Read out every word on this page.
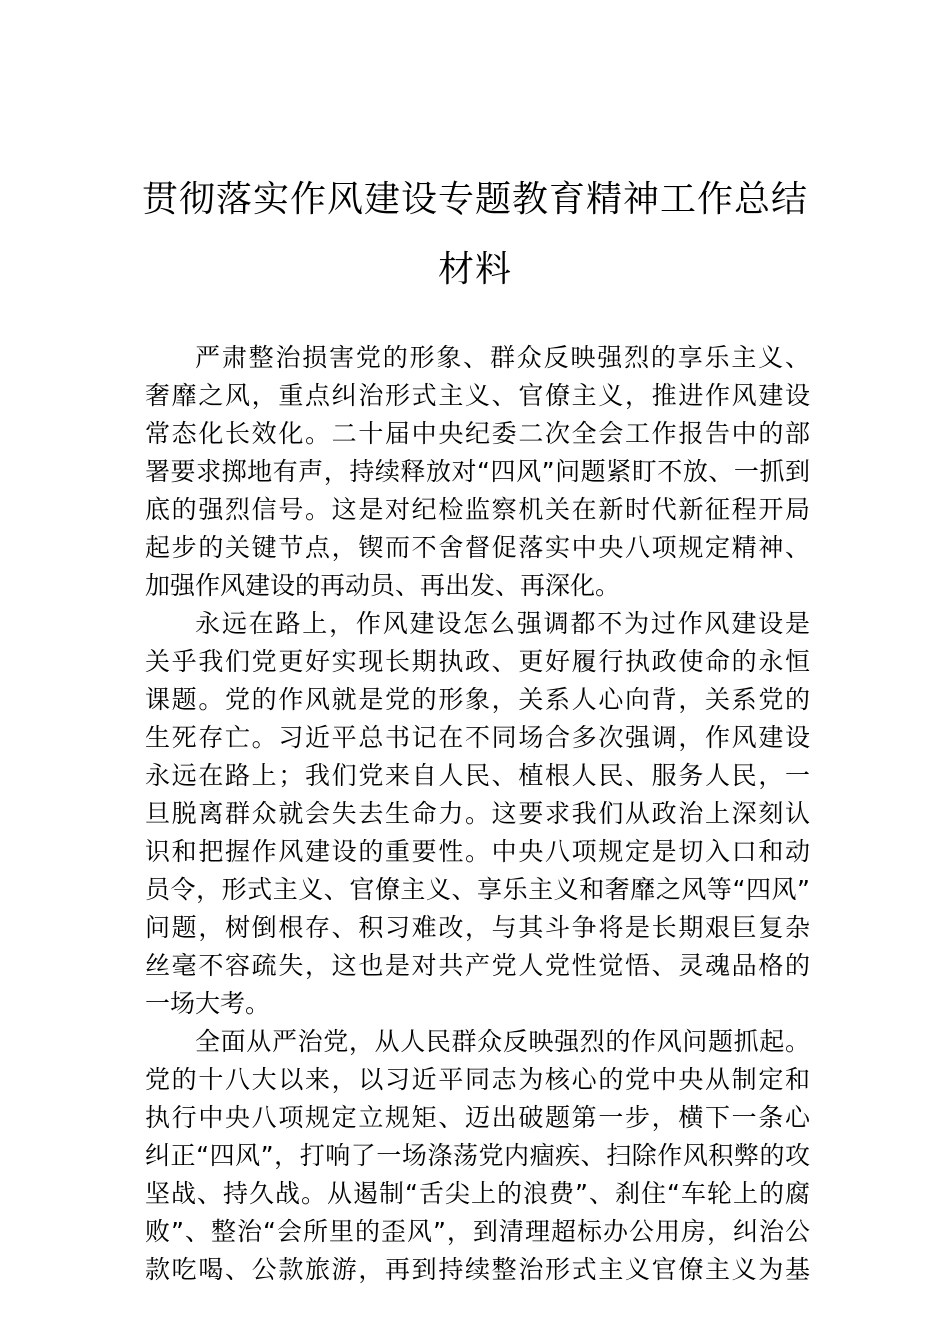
贯彻落实作风建设专题教育精神工作总结
材料
严肃整治损害党的形象、群众反映强烈的享乐主义、
奢靡之风，重点纠治形式主义、官僚主义，推进作风建设
常态化长效化。二十届中央纪委二次全会工作报告中的部
署要求掷地有声，持续释放对“四风”问题紧盯不放、一抓到
底的强烈信号。这是对纪检监察机关在新时代新征程开局
起步的关键节点，锲而不舍督促落实中央八项规定精神、
加强作风建设的再动员、再出发、再深化。
永远在路上，作风建设怎么强调都不为过作风建设是
关乎我们党更好实现长期执政、更好履行执政使命的永恒
课题。党的作风就是党的形象，关系人心向背，关系党的
生死存亡。习近平总书记在不同场合多次强调，作风建设
永远在路上；我们党来自人民、植根人民、服务人民，一
旦脱离群众就会失去生命力。这要求我们从政治上深刻认
识和把握作风建设的重要性。中央八项规定是切入口和动
员令，形式主义、官僚主义、享乐主义和奢靡之风等“四风”
问题，树倒根存、积习难改，与其斗争将是长期艰巨复杂
丝毫不容疏失，这也是对共产党人党性觉悟、灵魂品格的
一场大考。
全面从严治党，从人民群众反映强烈的作风问题抓起。
党的十八大以来，以习近平同志为核心的党中央从制定和
执行中央八项规定立规矩、迈出破题第一步，横下一条心
纠正“四风”，打响了一场涤荡党内痼疾、扫除作风积弊的攻
坚战、持久战。从遏制“舌尖上的浪费”、刹住“车轮上的腐
败”、整治“会所里的歪风”，到清理超标办公用房，纠治公
款吃喝、公款旅游，再到持续整治形式主义官僚主义为基
